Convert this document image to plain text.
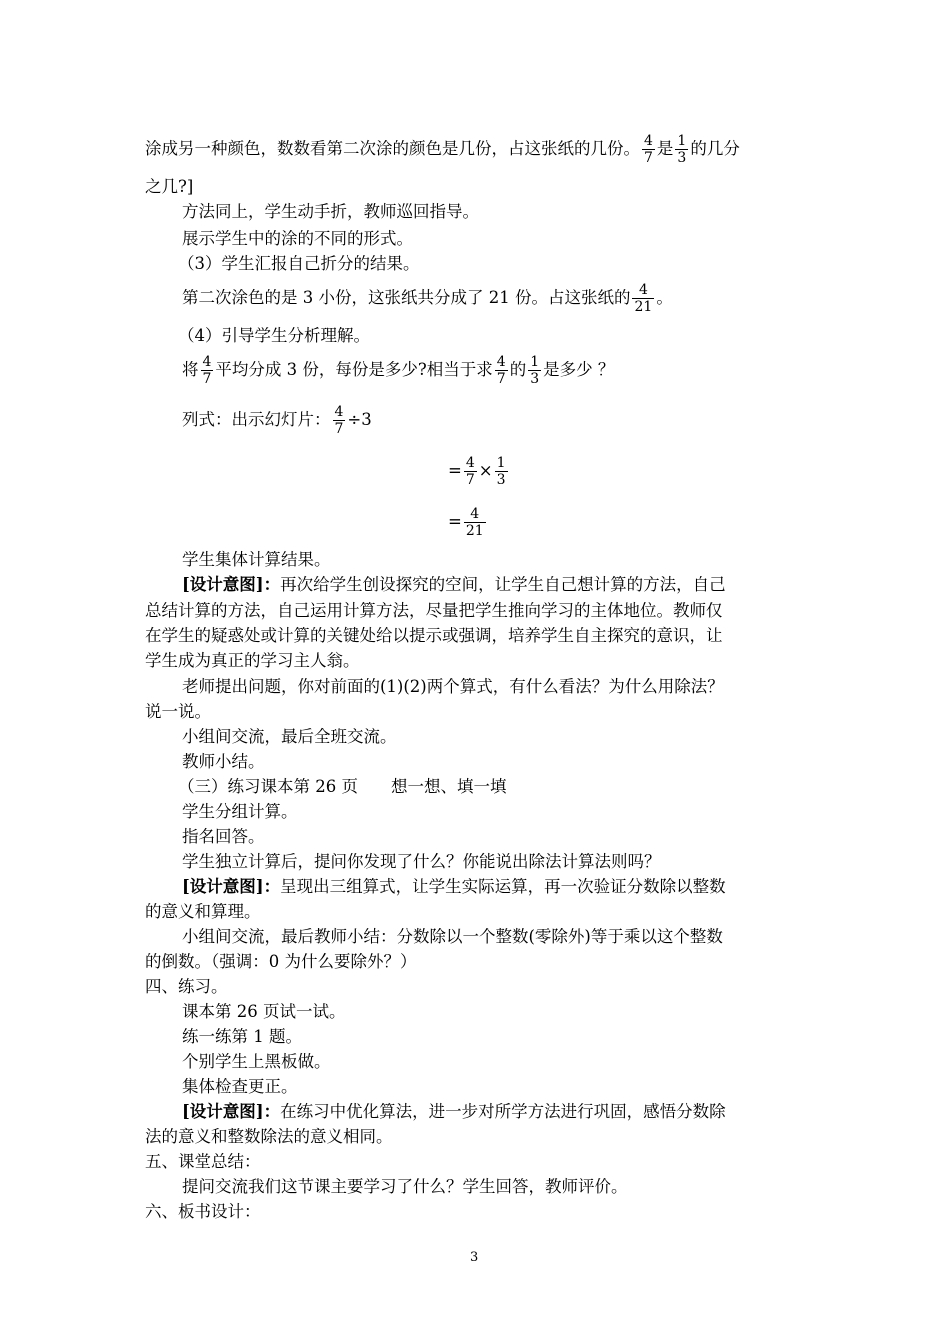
涂成另一种颜色，数数看第二次涂的颜色是几份，占这张纸的几份。 $\frac{4}{7}$ 是 $\frac{1}{3}$ 的几分
之几?]
方法同上，学生动手折，教师巡回指导。
展示学生中的涂的不同的形式。
（3）学生汇报自己折分的结果。
第二次涂色的是 3 小份，这张纸共分成了 21 份。占这张纸的 $\frac{4}{21}$ 。
（4）引导学生分析理解。
将 $\frac{4}{7}$ 平均分成 3 份，每份是多少?相当于求 $\frac{4}{7}$ 的 $\frac{1}{3}$ 是多少 ？
列式：出示幻灯片： $\frac{4}{7} \div 3$
= $\frac{4}{7} \times \frac{1}{3}$
= $\frac{4}{21}$
学生集体计算结果。
[设计意图]：再次给学生创设探究的空间，让学生自己想计算的方法，自己
总结计算的方法，自己运用计算方法，尽量把学生推向学习的主体地位。教师仅
在学生的疑惑处或计算的关键处给以提示或强调，培养学生自主探究的意识，让
学生成为真正的学习主人翁。
老师提出问题，你对前面的(1)(2)两个算式，有什么看法？为什么用除法？
说一说。
小组间交流，最后全班交流。
教师小结。
（三）练习课本第 26 页　　想一想、填一填
学生分组计算。
指名回答。
学生独立计算后，提问你发现了什么？你能说出除法计算法则吗？
[设计意图]：呈现出三组算式，让学生实际运算，再一次验证分数除以整数
的意义和算理。
小组间交流，最后教师小结：分数除以一个整数(零除外)等于乘以这个整数
的倒数。（强调：0 为什么要除外？）
四、练习。
课本第 26 页试一试。
练一练第 1 题。
个别学生上黑板做。
集体检查更正。
[设计意图]：在练习中优化算法，进一步对所学方法进行巩固，感悟分数除
法的意义和整数除法的意义相同。
五、课堂总结：
提问交流我们这节课主要学习了什么？学生回答，教师评价。
六、板书设计：
3
